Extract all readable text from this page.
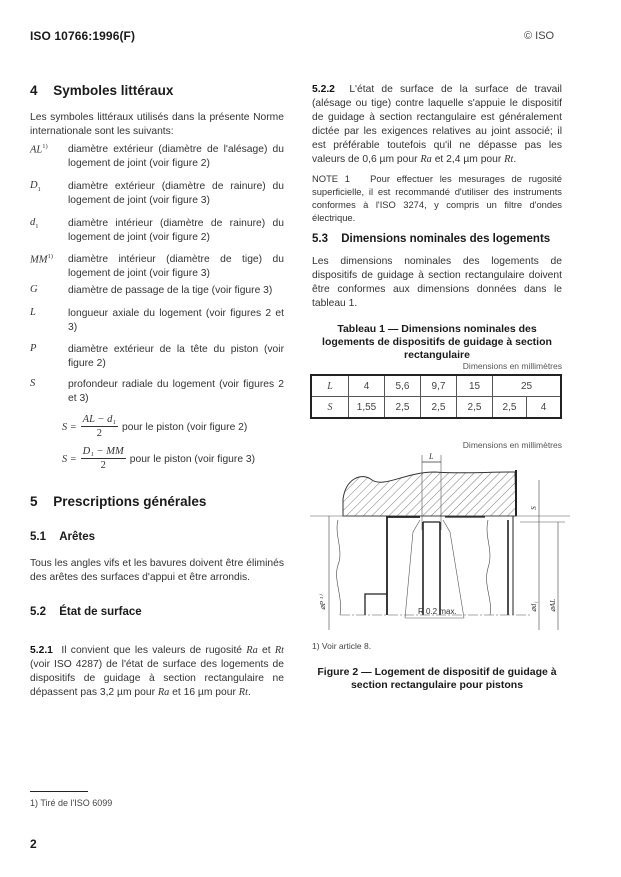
ISO 10766:1996(F)	© ISO
4 Symboles littéraux
Les symboles littéraux utilisés dans la présente Norme internationale sont les suivants:
AL$^{1)}$ diamètre extérieur (diamètre de l'alésage) du logement de joint (voir figure 2)
$D_1$	diamètre extérieur (diamètre de rainure) du logement de joint (voir figure 3)
$d_1$	diamètre intérieur (diamètre de rainure) du logement de joint (voir figure 2)
MM$^{1)}$ diamètre intérieur (diamètre de tige) du logement de joint (voir figure 3)
G	diamètre de passage de la tige (voir figure 3)
L	longueur axiale du logement (voir figures 2 et 3)
P	diamètre extérieur de la tête du piston (voir figure 2)
S	profondeur radiale du logement (voir figures 2 et 3)
$S = \frac{\text{AL − d₁}}{2}$ pour le piston (voir figure 2)
$S = \frac{\text{D₁ − MM}}{2}$ pour le piston (voir figure 3)
5 Prescriptions générales
5.1 Arêtes
Tous les angles vifs et les bavures doivent être éliminés des arêtes des surfaces d'appui et être arrondis.
5.2 État de surface
5.2.1 Il convient que les valeurs de rugosité Ra et Rt (voir ISO 4287) de l'état de surface des logements de dispositifs de guidage à section rectangulaire ne dépassent pas 3,2 µm pour Ra et 16 µm pour Rt.
1) Tiré de l'ISO 6099
2
5.2.2 L'état de surface de la surface de travail (alésage ou tige) contre laquelle s'appuie le dispositif de guidage à section rectangulaire est généralement dictée par les exigences relatives au joint associé; il est préférable toutefois qu'il ne dépasse pas les valeurs de 0,6 µm pour Ra et 2,4 µm pour Rt.
NOTE 1 Pour effectuer les mesurages de rugosité superficielle, il est recommandé d'utiliser des instruments conformes à l'ISO 3274, y compris un filtre d'ondes électrique.
5.3 Dimensions nominales des logements
Les dimensions nominales des logements de dispositifs de guidage à section rectangulaire doivent être conformes aux dimensions données dans le tableau 1.
Tableau 1 — Dimensions nominales des
logements de dispositifs de guidage à section
rectangulaire
Dimensions en millimètres
L	4	5,6	9,7	15	25	
S	1,55	2,5	2,5	2,5	2,5	4
Dimensions en millimètres
L
R 0.2 max.
⌀P ¹⁾
S
⌀d₁ ⌀AL
1) Voir article 8.
Figure 2 — Logement de dispositif de guidage à
section rectangulaire pour pistons
